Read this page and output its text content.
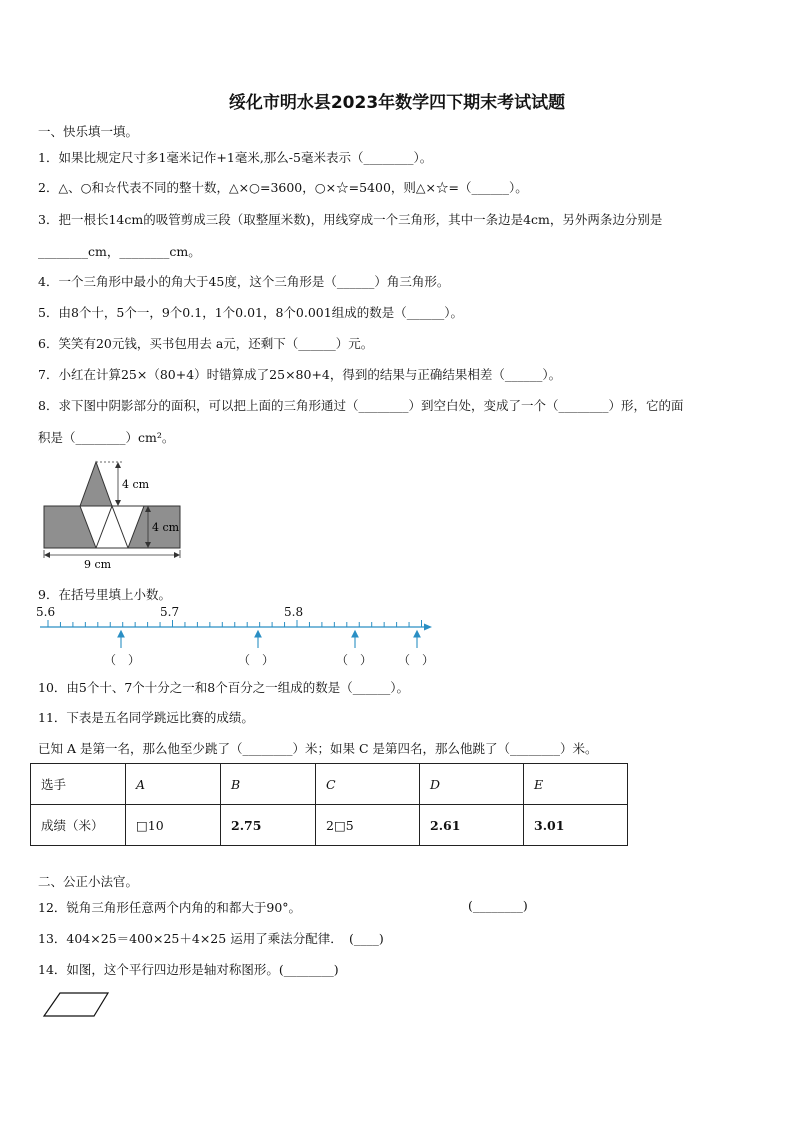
绥化市明水县2023年数学四下期末考试试题
一、快乐填一填。
1．如果比规定尺寸多1毫米记作+1毫米,那么-5毫米表示（________）。
2．△、○和☆代表不同的整十数，△×○=3600，○×☆=5400，则△×☆=（______）。
3．把一根长14cm的吸管剪成三段（取整厘米数)，用线穿成一个三角形，其中一条边是4cm，另外两条边分别是
________cm，________cm。
4．一个三角形中最小的角大于45度，这个三角形是（______）角三角形。
5．由8个十，5个一，9个0.1，1个0.01，8个0.001组成的数是（______）。
6．笑笑有20元钱，买书包用去 a元，还剩下（______）元。
7．小红在计算25×（80+4）时错算成了25×80+4，得到的结果与正确结果相差（______）。
8．求下图中阴影部分的面积，可以把上面的三角形通过（________）到空白处，变成了一个（________）形，它的面
积是（________）cm²。
4 cm
4 cm
9 cm
9．在括号里填上小数。
5.6	5.7	5.8
（　）	（　）	（　） （　）
10．由5个十、7个十分之一和8个百分之一组成的数是（______）。
11．下表是五名同学跳远比赛的成绩。
已知 A 是第一名，那么他至少跳了（________）米；如果 C 是第四名，那么他跳了（________）米。
选手	A	B	C	D	E
成绩（米）	□10	2.75	2□5	2.61	3.01
二、公正小法官。
12．锐角三角形任意两个内角的和都大于90°。	(________)
13．404×25＝400×25＋4×25 运用了乘法分配律．　(____)
14．如图，这个平行四边形是轴对称图形。(________)
